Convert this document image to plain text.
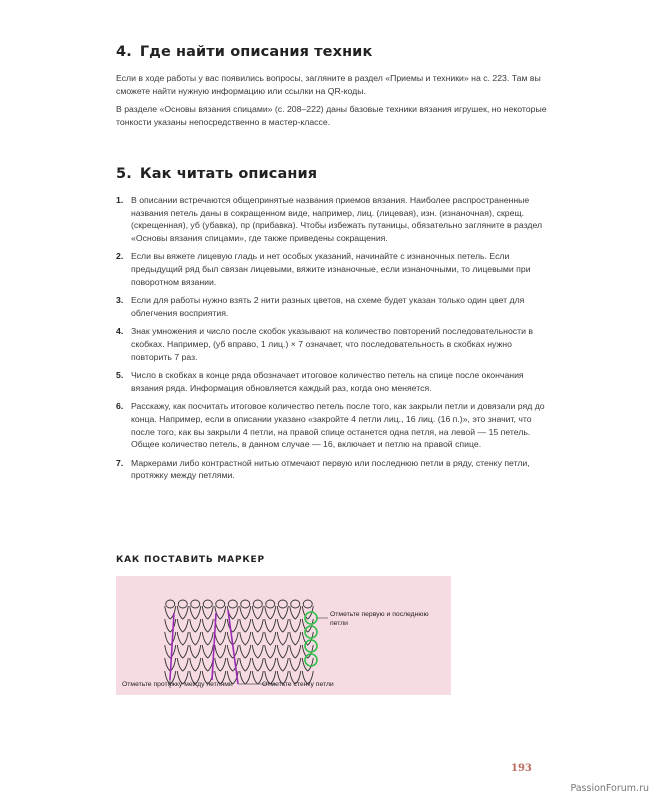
4. Где найти описания техник

Если в ходе работы у вас появились вопросы, загляните в раздел «Приемы и техники» на с. 223. Там вы сможете найти нужную информацию или ссылки на QR-коды.

В разделе «Основы вязания спицами» (с. 208–222) даны базовые техники вязания игрушек, но некоторые тонкости указаны непосредственно в мастер-классе.

5. Как читать описания
1. В описании встречаются общепринятые названия приемов вязания. Наиболее распространенные названия петель даны в сокращенном виде, например, лиц. (лицевая), изн. (изнаночная), скрещ. (скрещенная), уб (убавка), пр (прибавка). Чтобы избежать путаницы, обязательно загляните в раздел «Основы вязания спицами», где также приведены сокращения.
2. Если вы вяжете лицевую гладь и нет особых указаний, начинайте с изнаночных петель. Если предыдущий ряд был связан лицевыми, вяжите изнаночные, если изнаночными, то лицевыми при поворотном вязании.
3. Если для работы нужно взять 2 нити разных цветов, на схеме будет указан только один цвет для облегчения восприятия.
4. Знак умножения и число после скобок указывают на количество повторений последовательности в скобках. Например, (уб вправо, 1 лиц.) × 7 означает, что последовательность в скобках нужно повторить 7 раз.
5. Число в скобках в конце ряда обозначает итоговое количество петель на спице после окончания вязания ряда. Информация обновляется каждый раз, когда оно меняется.
6. Расскажу, как посчитать итоговое количество петель после того, как закрыли петли и довязали ряд до конца. Например, если в описании указано «закройте 4 петли лиц., 16 лиц. (16 п.)», это значит, что после того, как вы закрыли 4 петли, на правой спице останется одна петля, на левой — 15 петель. Общее количество петель, в данном случае — 16, включает и петлю на правой спице.
7. Маркерами либо контрастной нитью отмечают первую или последнюю петли в ряду, стенку петли, протяжку между петлями.
КАК ПОСТАВИТЬ МАРКЕР
Отметьте первую и последнюю петли
Отметьте протяжку между петлями	Отметьте стенку петли
193
PassionForum.ru
